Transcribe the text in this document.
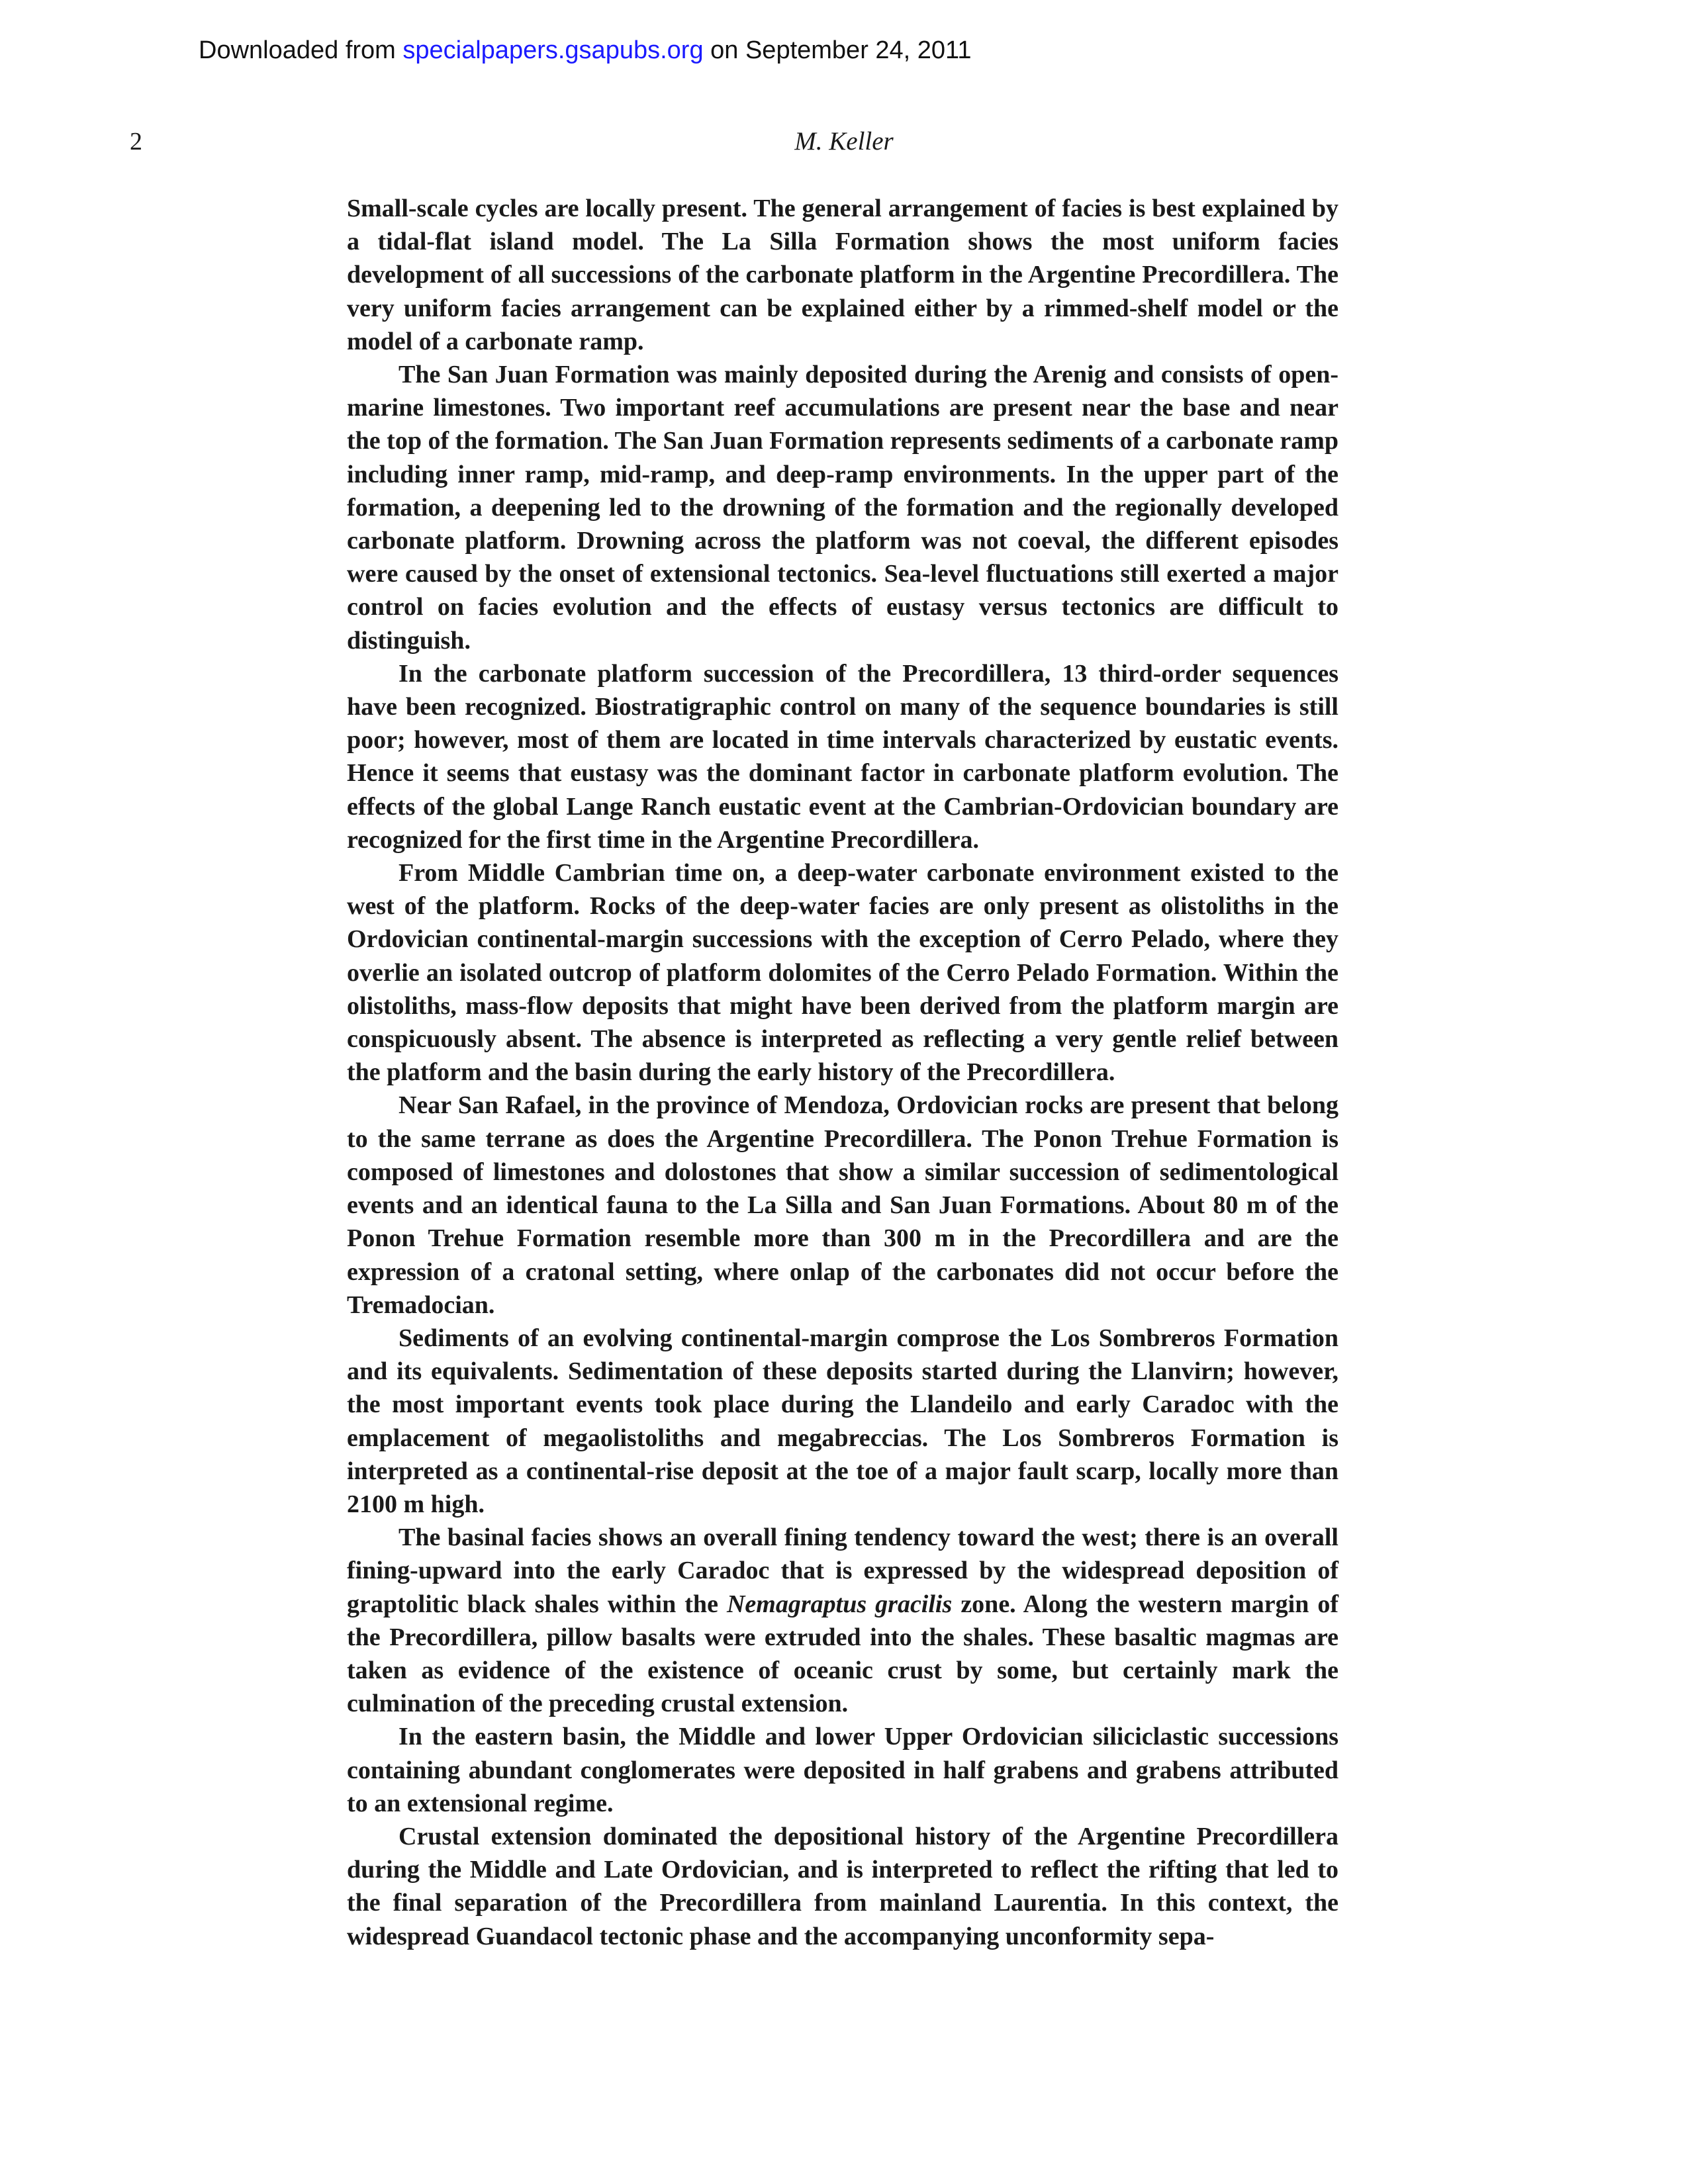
Downloaded from specialpapers.gsapubs.org on September 24, 2011
2	M. Keller

Small-scale cycles are locally present. The general arrangement of facies is best explained by a tidal-flat island model. The La Silla Formation shows the most uniform facies development of all successions of the carbonate platform in the Argentine Precordillera. The very uniform facies arrangement can be explained either by a rimmed-shelf model or the model of a carbonate ramp.

The San Juan Formation was mainly deposited during the Arenig and consists of open-marine limestones. Two important reef accumulations are present near the base and near the top of the formation. The San Juan Formation represents sediments of a carbonate ramp including inner ramp, mid-ramp, and deep-ramp environments. In the upper part of the formation, a deepening led to the drowning of the formation and the regionally developed carbonate platform. Drowning across the platform was not coeval, the different episodes were caused by the onset of extensional tectonics. Sea-level fluctuations still exerted a major control on facies evolution and the effects of eustasy versus tectonics are difficult to distinguish.

In the carbonate platform succession of the Precordillera, 13 third-order sequences have been recognized. Biostratigraphic control on many of the sequence boundaries is still poor; however, most of them are located in time intervals characterized by eustatic events. Hence it seems that eustasy was the dominant factor in carbonate platform evolution. The effects of the global Lange Ranch eustatic event at the Cambrian-Ordovician boundary are recognized for the first time in the Argentine Precordillera.

From Middle Cambrian time on, a deep-water carbonate environment existed to the west of the platform. Rocks of the deep-water facies are only present as olistoliths in the Ordovician continental-margin successions with the exception of Cerro Pelado, where they overlie an isolated outcrop of platform dolomites of the Cerro Pelado Formation. Within the olistoliths, mass-flow deposits that might have been derived from the platform margin are conspicuously absent. The absence is interpreted as reflecting a very gentle relief between the platform and the basin during the early history of the Precordillera.

Near San Rafael, in the province of Mendoza, Ordovician rocks are present that belong to the same terrane as does the Argentine Precordillera. The Ponon Trehue Formation is composed of limestones and dolostones that show a similar succession of sedimentological events and an identical fauna to the La Silla and San Juan Formations. About 80 m of the Ponon Trehue Formation resemble more than 300 m in the Precordillera and are the expression of a cratonal setting, where onlap of the carbonates did not occur before the Tremadocian.

Sediments of an evolving continental-margin comprose the Los Sombreros Formation and its equivalents. Sedimentation of these deposits started during the Llanvirn; however, the most important events took place during the Llandeilo and early Caradoc with the emplacement of megaolistoliths and megabreccias. The Los Sombreros Formation is interpreted as a continental-rise deposit at the toe of a major fault scarp, locally more than 2100 m high.

The basinal facies shows an overall fining tendency toward the west; there is an overall fining-upward into the early Caradoc that is expressed by the widespread deposition of graptolitic black shales within the Nemagraptus gracilis zone. Along the western margin of the Precordillera, pillow basalts were extruded into the shales. These basaltic magmas are taken as evidence of the existence of oceanic crust by some, but certainly mark the culmination of the preceding crustal extension.

In the eastern basin, the Middle and lower Upper Ordovician siliciclastic successions containing abundant conglomerates were deposited in half grabens and grabens attributed to an extensional regime.

Crustal extension dominated the depositional history of the Argentine Precordillera during the Middle and Late Ordovician, and is interpreted to reflect the rifting that led to the final separation of the Precordillera from mainland Laurentia. In this context, the widespread Guandacol tectonic phase and the accompanying unconformity sepa-
